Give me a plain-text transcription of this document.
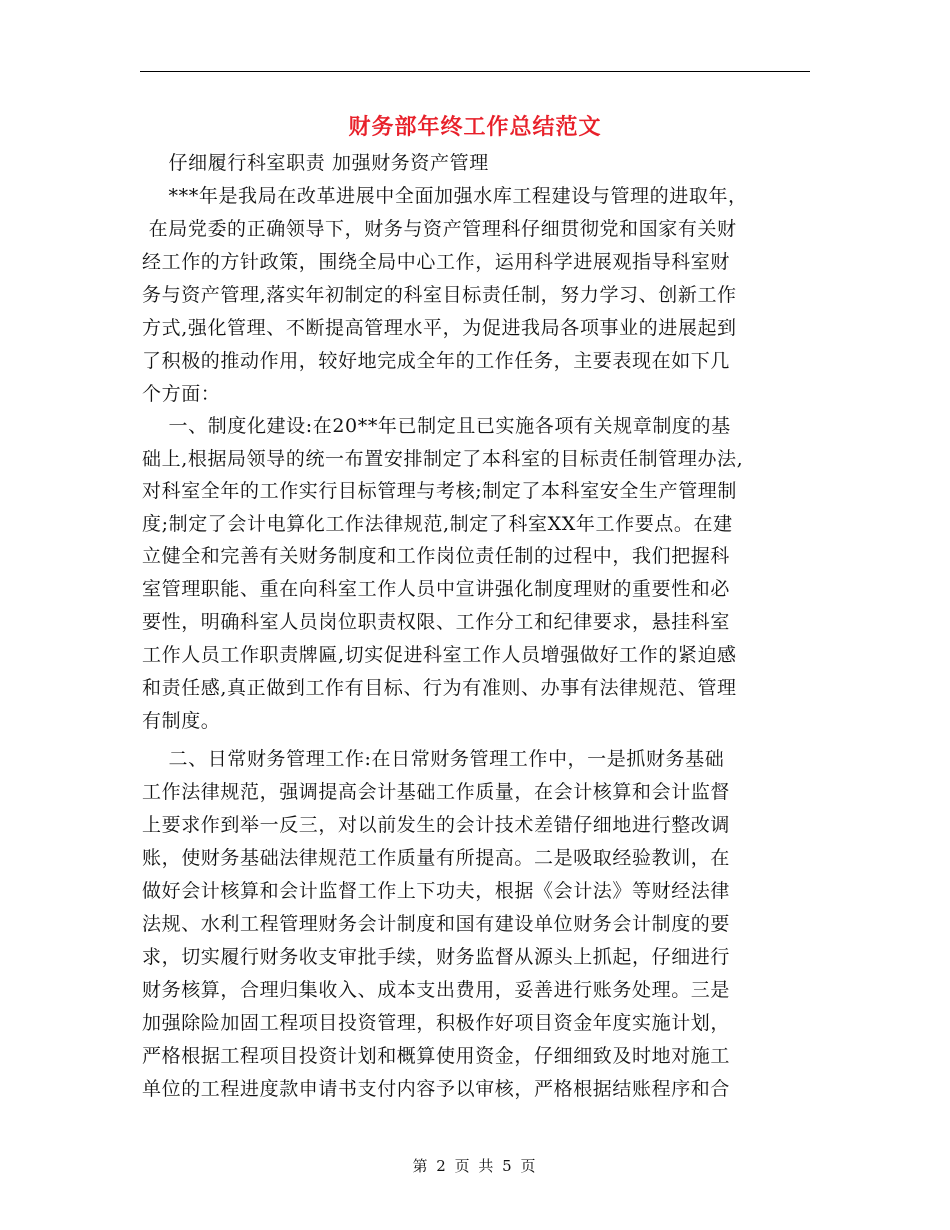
财务部年终工作总结范文
仔细履行科室职责 加强财务资产管理
***年是我局在改革进展中全面加强水库工程建设与管理的进取年，
在局党委的正确领导下，财务与资产管理科仔细贯彻党和国家有关财
经工作的方针政策，围绕全局中心工作，运用科学进展观指导科室财
务与资产管理,落实年初制定的科室目标责任制，努力学习、创新工作
方式,强化管理、不断提高管理水平，为促进我局各项事业的进展起到
了积极的推动作用，较好地完成全年的工作任务，主要表现在如下几
个方面：
一、制度化建设:在20**年已制定且已实施各项有关规章制度的基
础上,根据局领导的统一布置安排制定了本科室的目标责任制管理办法,
对科室全年的工作实行目标管理与考核;制定了本科室安全生产管理制
度;制定了会计电算化工作法律规范,制定了科室XX年工作要点。在建
立健全和完善有关财务制度和工作岗位责任制的过程中，我们把握科
室管理职能、重在向科室工作人员中宣讲强化制度理财的重要性和必
要性，明确科室人员岗位职责权限、工作分工和纪律要求，悬挂科室
工作人员工作职责牌匾,切实促进科室工作人员增强做好工作的紧迫感
和责任感,真正做到工作有目标、行为有准则、办事有法律规范、管理
有制度。
二、日常财务管理工作:在日常财务管理工作中，一是抓财务基础
工作法律规范，强调提高会计基础工作质量，在会计核算和会计监督
上要求作到举一反三，对以前发生的会计技术差错仔细地进行整改调
账，使财务基础法律规范工作质量有所提高。二是吸取经验教训，在
做好会计核算和会计监督工作上下功夫，根据《会计法》等财经法律
法规、水利工程管理财务会计制度和国有建设单位财务会计制度的要
求，切实履行财务收支审批手续，财务监督从源头上抓起，仔细进行
财务核算，合理归集收入、成本支出费用，妥善进行账务处理。三是
加强除险加固工程项目投资管理，积极作好项目资金年度实施计划，
严格根据工程项目投资计划和概算使用资金，仔细细致及时地对施工
单位的工程进度款申请书支付内容予以审核，严格根据结账程序和合
第 2 页 共 5 页
